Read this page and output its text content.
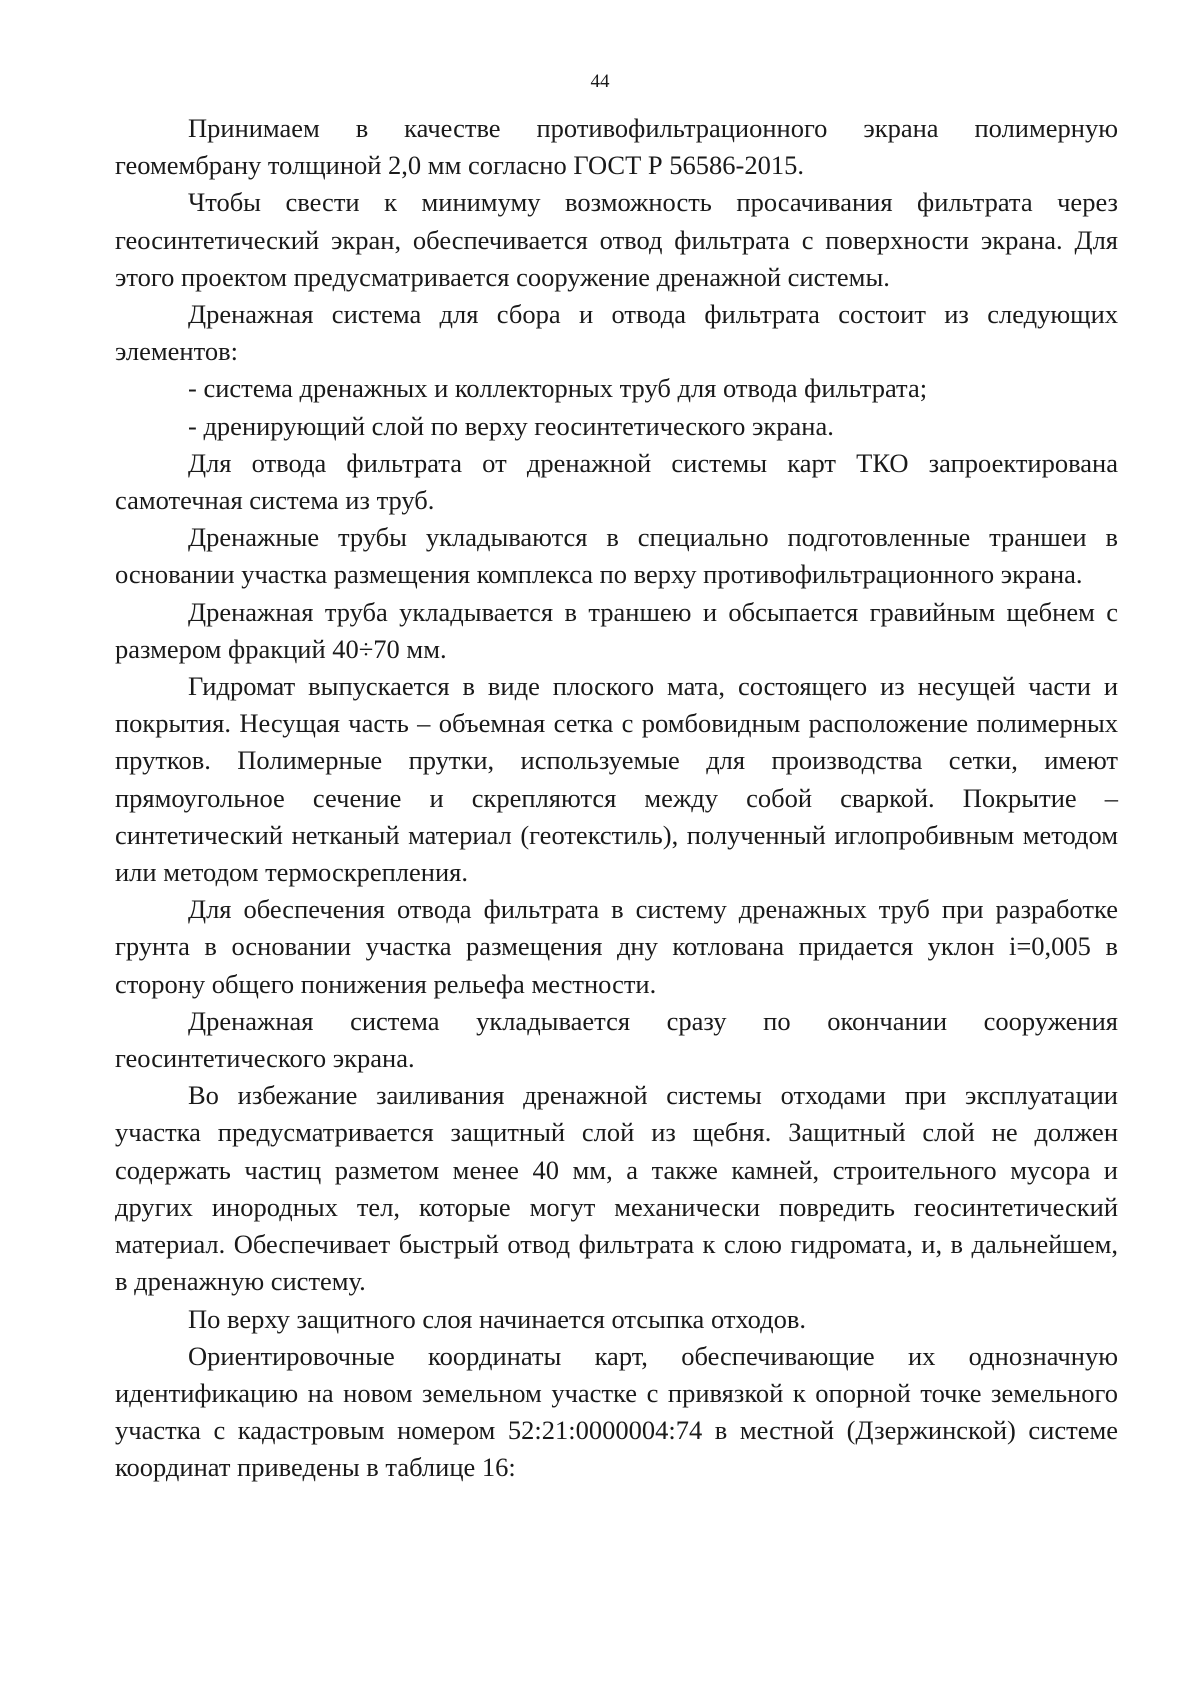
44

Принимаем в качестве противофильтрационного экрана полимерную геомембрану толщиной 2,0 мм согласно ГОСТ Р 56586-2015.

Чтобы свести к минимуму возможность просачивания фильтрата через геосинтетический экран, обеспечивается отвод фильтрата с поверхности экрана. Для этого проектом предусматривается сооружение дренажной системы.

Дренажная система для сбора и отвода фильтрата состоит из следующих элементов:

- система дренажных и коллекторных труб для отвода фильтрата;

- дренирующий слой по верху геосинтетического экрана.

Для отвода фильтрата от дренажной системы карт ТКО запроектирована самотечная система из труб.

Дренажные трубы укладываются в специально подготовленные траншеи в основании участка размещения комплекса по верху противофильтрационного экрана.

Дренажная труба укладывается в траншею и обсыпается гравийным щебнем с размером фракций 40÷70 мм.

Гидромат выпускается в виде плоского мата, состоящего из несущей части и покрытия. Несущая часть – объемная сетка с ромбовидным расположение полимерных прутков. Полимерные прутки, используемые для производства сетки, имеют прямоугольное сечение и скрепляются между собой сваркой. Покрытие – синтетический нетканый материал (геотекстиль), полученный иглопробивным методом или методом термоскрепления.

Для обеспечения отвода фильтрата в систему дренажных труб при разработке грунта в основании участка размещения дну котлована придается уклон i=0,005 в сторону общего понижения рельефа местности.

Дренажная система укладывается сразу по окончании сооружения геосинтетического экрана.

Во избежание заиливания дренажной системы отходами при эксплуатации участка предусматривается защитный слой из щебня. Защитный слой не должен содержать частиц разметом менее 40 мм, а также камней, строительного мусора и других инородных тел, которые могут механически повредить геосинтетический материал. Обеспечивает быстрый отвод фильтрата к слою гидромата, и, в дальнейшем, в дренажную систему.

По верху защитного слоя начинается отсыпка отходов.

Ориентировочные координаты карт, обеспечивающие их однозначную идентификацию на новом земельном участке с привязкой к опорной точке земельного участка с кадастровым номером 52:21:0000004:74 в местной (Дзержинской) системе координат приведены в таблице 16:
